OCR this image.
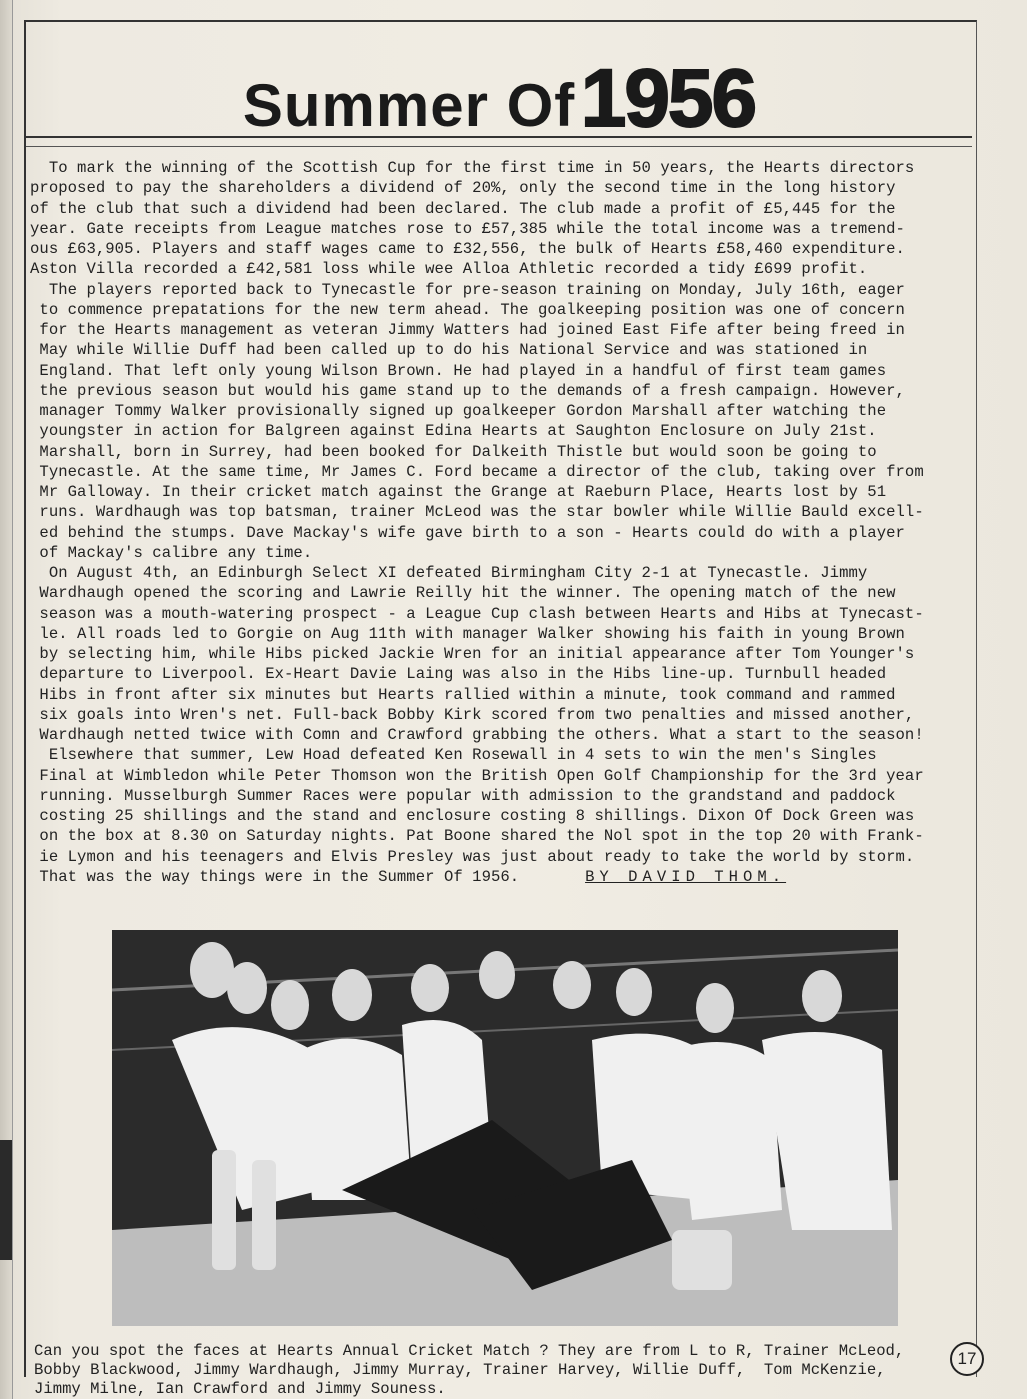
Summer Of 1956
To mark the winning of the Scottish Cup for the first time in 50 years, the Hearts directors
proposed to pay the shareholders a dividend of 20%, only the second time in the long history
of the club that such a dividend had been declared. The club made a profit of £5,445 for the
year. Gate receipts from League matches rose to £57,385 while the total income was a tremend-
ous £63,905. Players and staff wages came to £32,556, the bulk of Hearts £58,460 expenditure.
Aston Villa recorded a £42,581 loss while wee Alloa Athletic recorded a tidy £699 profit.
The players reported back to Tynecastle for pre-season training on Monday, July 16th, eager
to commence prepatations for the new term ahead. The goalkeeping position was one of concern
for the Hearts management as veteran Jimmy Watters had joined East Fife after being freed in
May while Willie Duff had been called up to do his National Service and was stationed in
England. That left only young Wilson Brown. He had played in a handful of first team games
the previous season but would his game stand up to the demands of a fresh campaign. However,
manager Tommy Walker provisionally signed up goalkeeper Gordon Marshall after watching the
youngster in action for Balgreen against Edina Hearts at Saughton Enclosure on July 21st.
Marshall, born in Surrey, had been booked for Dalkeith Thistle but would soon be going to
Tynecastle. At the same time, Mr James C. Ford became a director of the club, taking over from
Mr Galloway. In their cricket match against the Grange at Raeburn Place, Hearts lost by 51
runs. Wardhaugh was top batsman, trainer McLeod was the star bowler while Willie Bauld excell-
ed behind the stumps. Dave Mackay's wife gave birth to a son - Hearts could do with a player
of Mackay's calibre any time.
On August 4th, an Edinburgh Select XI defeated Birmingham City 2-1 at Tynecastle. Jimmy
Wardhaugh opened the scoring and Lawrie Reilly hit the winner. The opening match of the new
season was a mouth-watering prospect - a League Cup clash between Hearts and Hibs at Tynecast-
le. All roads led to Gorgie on Aug 11th with manager Walker showing his faith in young Brown
by selecting him, while Hibs picked Jackie Wren for an initial appearance after Tom Younger's
departure to Liverpool. Ex-Heart Davie Laing was also in the Hibs line-up. Turnbull headed
Hibs in front after six minutes but Hearts rallied within a minute, took command and rammed
six goals into Wren's net. Full-back Bobby Kirk scored from two penalties and missed another,
Wardhaugh netted twice with Comn and Crawford grabbing the others. What a start to the season!
Elsewhere that summer, Lew Hoad defeated Ken Rosewall in 4 sets to win the men's Singles
Final at Wimbledon while Peter Thomson won the British Open Golf Championship for the 3rd year
running. Musselburgh Summer Races were popular with admission to the grandstand and paddock
costing 25 shillings and the stand and enclosure costing 8 shillings. Dixon Of Dock Green was
on the box at 8.30 on Saturday nights. Pat Boone shared the Nol spot in the top 20 with Frank-
ie Lymon and his teenagers and Elvis Presley was just about ready to take the world by storm.
That was the way things were in the Summer Of 1956.	BY DAVID THOM.
Can you spot the faces at Hearts Annual Cricket Match ? They are from L to R, Trainer McLeod,
Bobby Blackwood, Jimmy Wardhaugh, Jimmy Murray, Trainer Harvey, Willie Duff,  Tom McKenzie,
Jimmy Milne, Ian Crawford and Jimmy Souness.
17
